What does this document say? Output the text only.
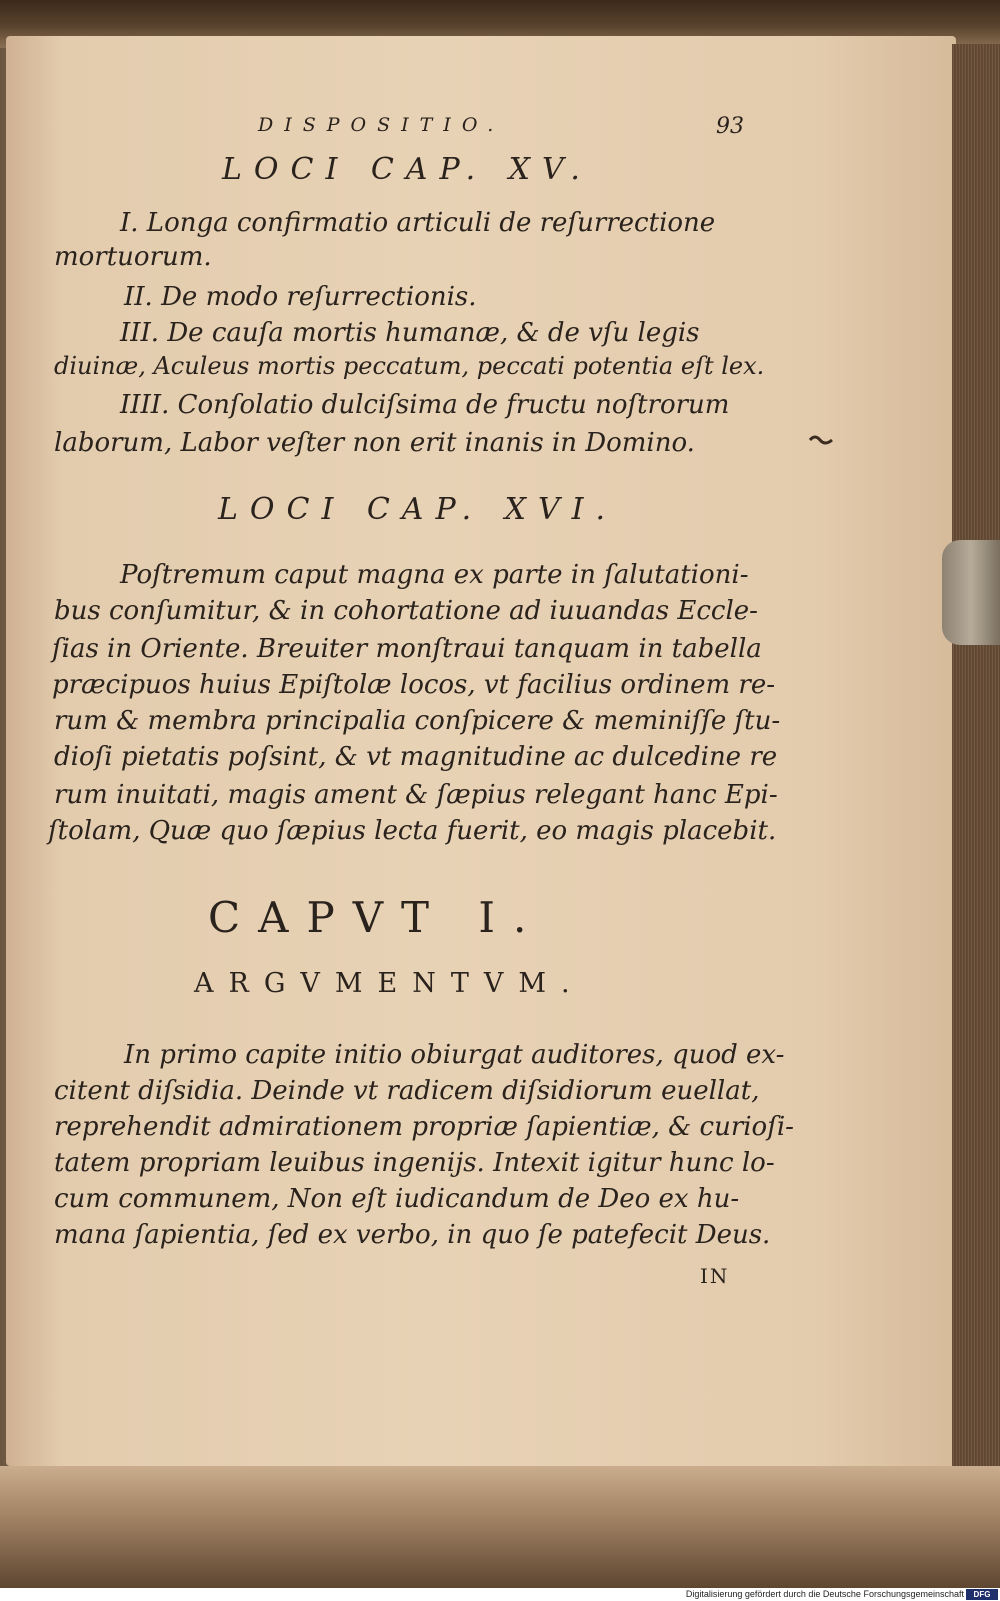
DISPOSITIO.	93
LOCI CAP. XV.
I. Longa confirmatio articuli de reſurrectione
mortuorum.
II. De modo reſurrectionis.
III. De cauſa mortis humanæ, & de vſu legis
diuinæ, Aculeus mortis peccatum, peccati potentia eſt lex.
IIII. Conſolatio dulciſsima de fructu noſtrorum
laborum, Labor veſter non erit inanis in Domino.
LOCI CAP. XVI.
Poſtremum caput magna ex parte in ſalutationi-
bus conſumitur, & in cohortatione ad iuuandas Eccle-
ſias in Oriente. Breuiter monſtraui tanquam in tabella
præcipuos huius Epiſtolæ locos, vt facilius ordinem re-
rum & membra principalia conſpicere & meminiſſe ſtu-
dioſi pietatis poſsint, & vt magnitudine ac dulcedine re
rum inuitati, magis ament & ſæpius relegant hanc Epi-
ſtolam, Quæ quo ſæpius lecta fuerit, eo magis placebit.
CAPVT I.
ARGVMENTVM.
In primo capite initio obiurgat auditores, quod ex-
citent diſsidia. Deinde vt radicem diſsidiorum euellat,
reprehendit admirationem propriæ ſapientiæ, & curioſi-
tatem propriam leuibus ingenijs. Intexit igitur hunc lo-
cum communem, Non eſt iudicandum de Deo ex hu-
mana ſapientia, ſed ex verbo, in quo ſe patefecit Deus.
IN
Digitalisierung gefördert durch die Deutsche Forschungsgemeinschaft	DFG
